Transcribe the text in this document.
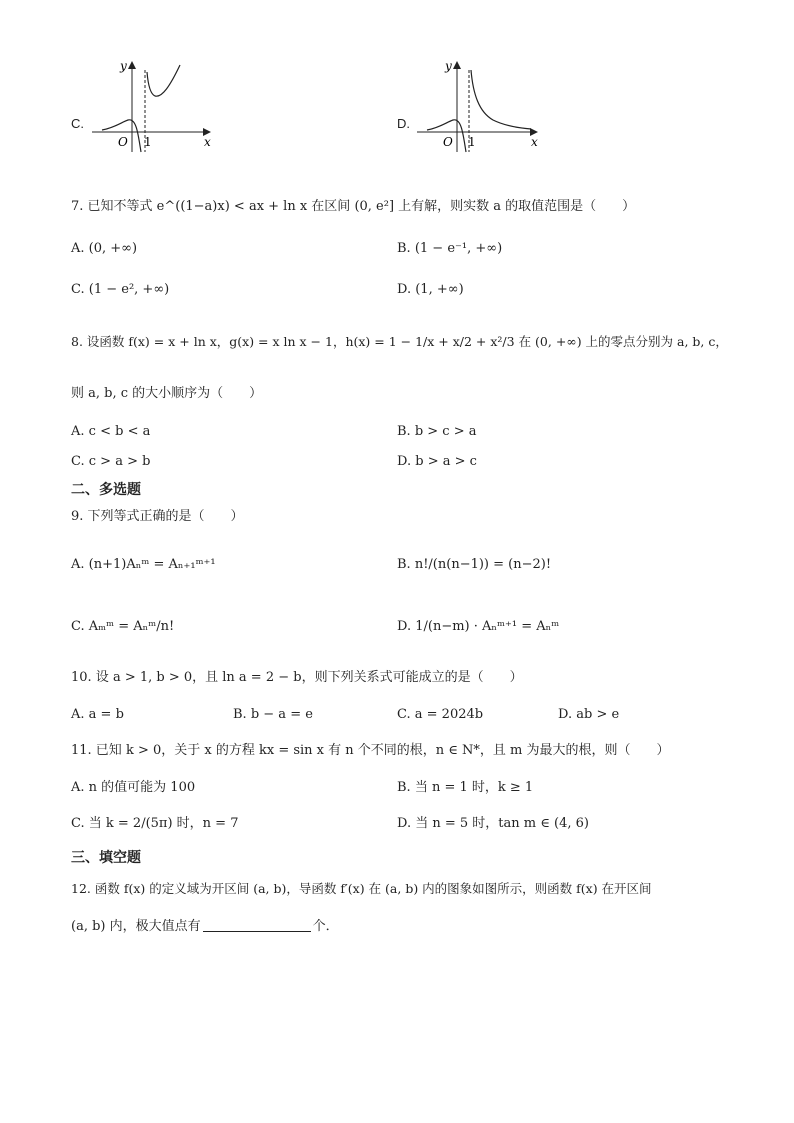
C.
y
x
O 1
D.
y
x
O 1
7. 已知不等式 e^((1−a)x) < ax + ln x 在区间 (0, e²] 上有解，则实数 a 的取值范围是（　　）
A. (0, +∞)	B. (1 − e⁻¹, +∞)
C. (1 − e², +∞)	D. (1, +∞)
8. 设函数 f(x) = x + ln x，g(x) = x ln x − 1，h(x) = 1 − 1/x + x/2 + x²/3 在 (0, +∞) 上的零点分别为 a, b, c，
则 a, b, c 的大小顺序为（　　）
A. c < b < a	B. b > c > a
C. c > a > b	D. b > a > c
二、多选题
9. 下列等式正确的是（　　）
A. (n+1)Aₙᵐ = Aₙ₊₁ᵐ⁺¹	B. n!/(n(n−1)) = (n−2)!
C. Aₘᵐ = Aₙᵐ/n!	D. 1/(n−m) · Aₙᵐ⁺¹ = Aₙᵐ
10. 设 a > 1, b > 0，且 ln a = 2 − b，则下列关系式可能成立的是（　　）
A. a = b	B. b − a = e	C. a = 2024b	D. ab > e
11. 已知 k > 0，关于 x 的方程 kx = sin x 有 n 个不同的根，n ∈ N*，且 m 为最大的根，则（　　）
A. n 的值可能为 100	B. 当 n = 1 时，k ≥ 1
C. 当 k = 2/(5π) 时，n = 7	D. 当 n = 5 时，tan m ∈ (4, 6)
三、填空题
12. 函数 f(x) 的定义域为开区间 (a, b)，导函数 f′(x) 在 (a, b) 内的图象如图所示，则函数 f(x) 在开区间
(a, b) 内，极大值点有	个．
